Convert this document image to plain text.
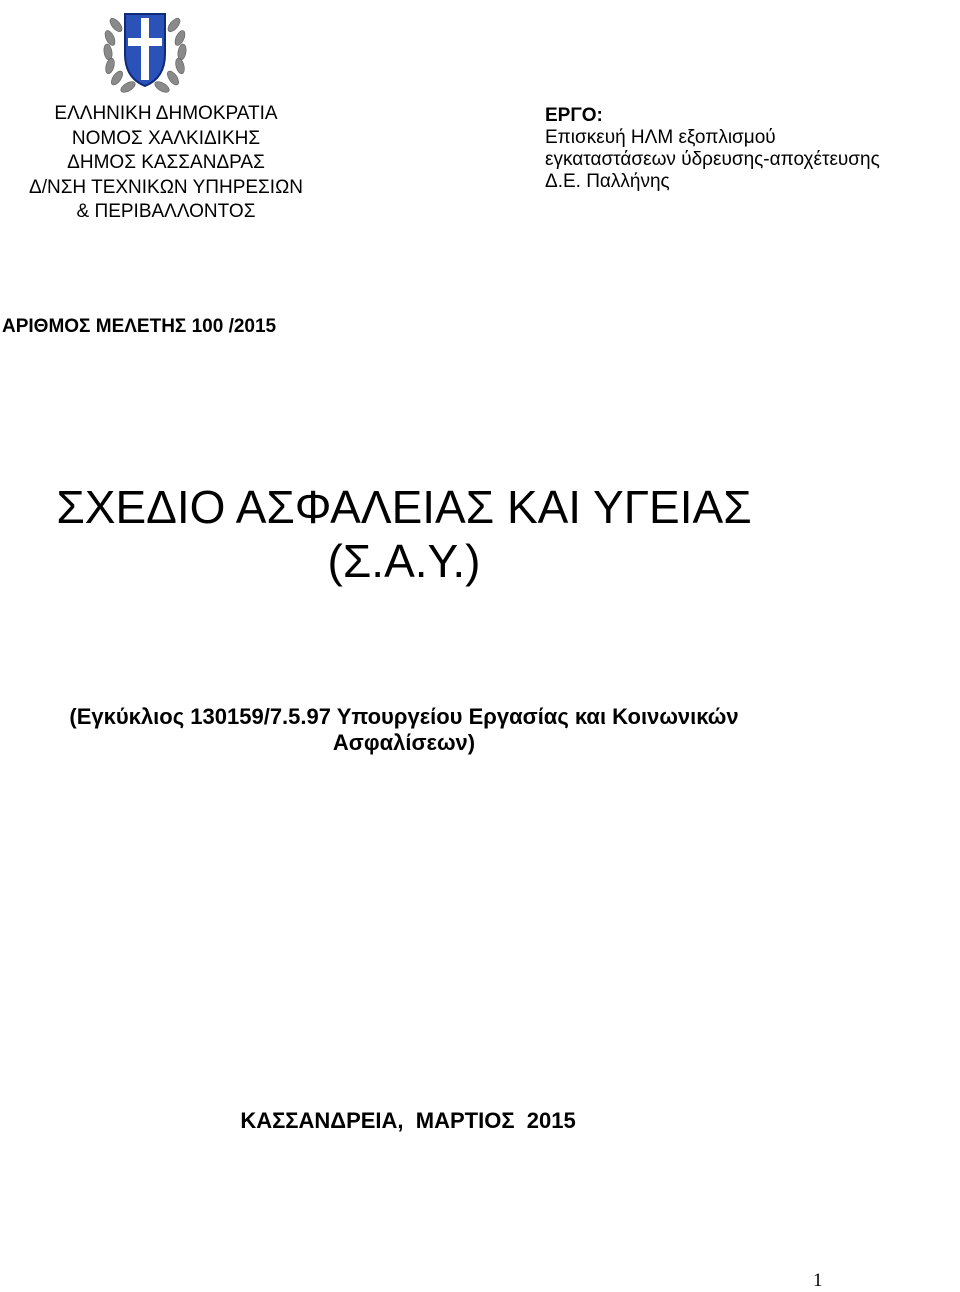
ΕΛΛΗΝΙΚΗ ΔΗΜΟΚΡΑΤΙΑ
ΝΟΜΟΣ ΧΑΛΚΙΔΙΚΗΣ
ΔΗΜΟΣ ΚΑΣΣΑΝΔΡΑΣ
Δ/ΝΣΗ ΤΕΧΝΙΚΩΝ ΥΠΗΡΕΣΙΩΝ
& ΠΕΡΙΒΑΛΛΟΝΤΟΣ
ΕΡΓΟ:
Επισκευή ΗΛΜ εξοπλισμού
εγκαταστάσεων ύδρευσης-αποχέτευσης
Δ.Ε. Παλλήνης
ΑΡΙΘΜΟΣ ΜΕΛΕΤΗΣ 100 /2015
ΣΧΕΔΙΟ ΑΣΦΑΛΕΙΑΣ ΚΑΙ ΥΓΕΙΑΣ
(Σ.Α.Υ.)
(Εγκύκλιος 130159/7.5.97 Υπουργείου Εργασίας και Κοινωνικών
Ασφαλίσεων)
ΚΑΣΣΑΝΔΡΕΙΑ,  ΜΑΡΤΙΟΣ  2015
1
